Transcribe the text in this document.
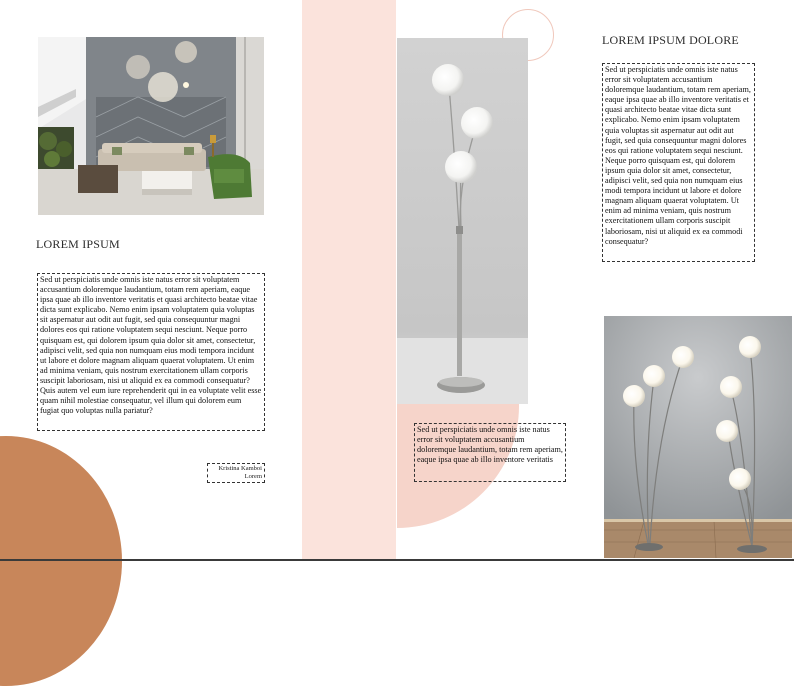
LOREM IPSUM
Sed ut perspiciatis unde omnis iste natus error sit voluptatem accusantium doloremque laudantium, totam rem aperiam, eaque ipsa quae ab illo inventore veritatis et quasi architecto beatae vitae dicta sunt explicabo. Nemo enim ipsam voluptatem quia voluptas sit aspernatur aut odit aut fugit, sed quia consequuntur magni dolores eos qui ratione voluptatem sequi nesciunt. Neque porro quisquam est, qui dolorem ipsum quia dolor sit amet, consectetur, adipisci velit, sed quia non numquam eius modi tempora incidunt ut labore et dolore magnam aliquam quaerat voluptatem. Ut enim ad minima veniam, quis nostrum exercitationem ullam corporis suscipit laboriosam, nisi ut aliquid ex ea commodi consequatur? Quis autem vel eum iure reprehenderit qui in ea voluptate velit esse quam nihil molestiae consequatur, vel illum qui dolorem eum fugiat quo voluptas nulla pariatur?
Kristina Kamboi
Lorem
Sed ut perspiciatis unde omnis iste natus error sit voluptatem accusantium doloremque laudantium, totam rem aperiam, eaque ipsa quae ab illo inventore veritatis
LOREM IPSUM DOLORE
Sed ut perspiciatis unde omnis iste natus error sit voluptatem accusantium doloremque laudantium, totam rem aperiam, eaque ipsa quae ab illo inventore veritatis et quasi architecto beatae vitae dicta sunt explicabo. Nemo enim ipsam voluptatem quia voluptas sit aspernatur aut odit aut fugit, sed quia consequuntur magni dolores eos qui ratione voluptatem sequi nesciunt. Neque porro quisquam est, qui dolorem ipsum quia dolor sit amet, consectetur, adipisci velit, sed quia non numquam eius modi tempora incidunt ut labore et dolore magnam aliquam quaerat voluptatem. Ut enim ad minima veniam, quis nostrum exercitationem ullam corporis suscipit laboriosam, nisi ut aliquid ex ea commodi consequatur?
